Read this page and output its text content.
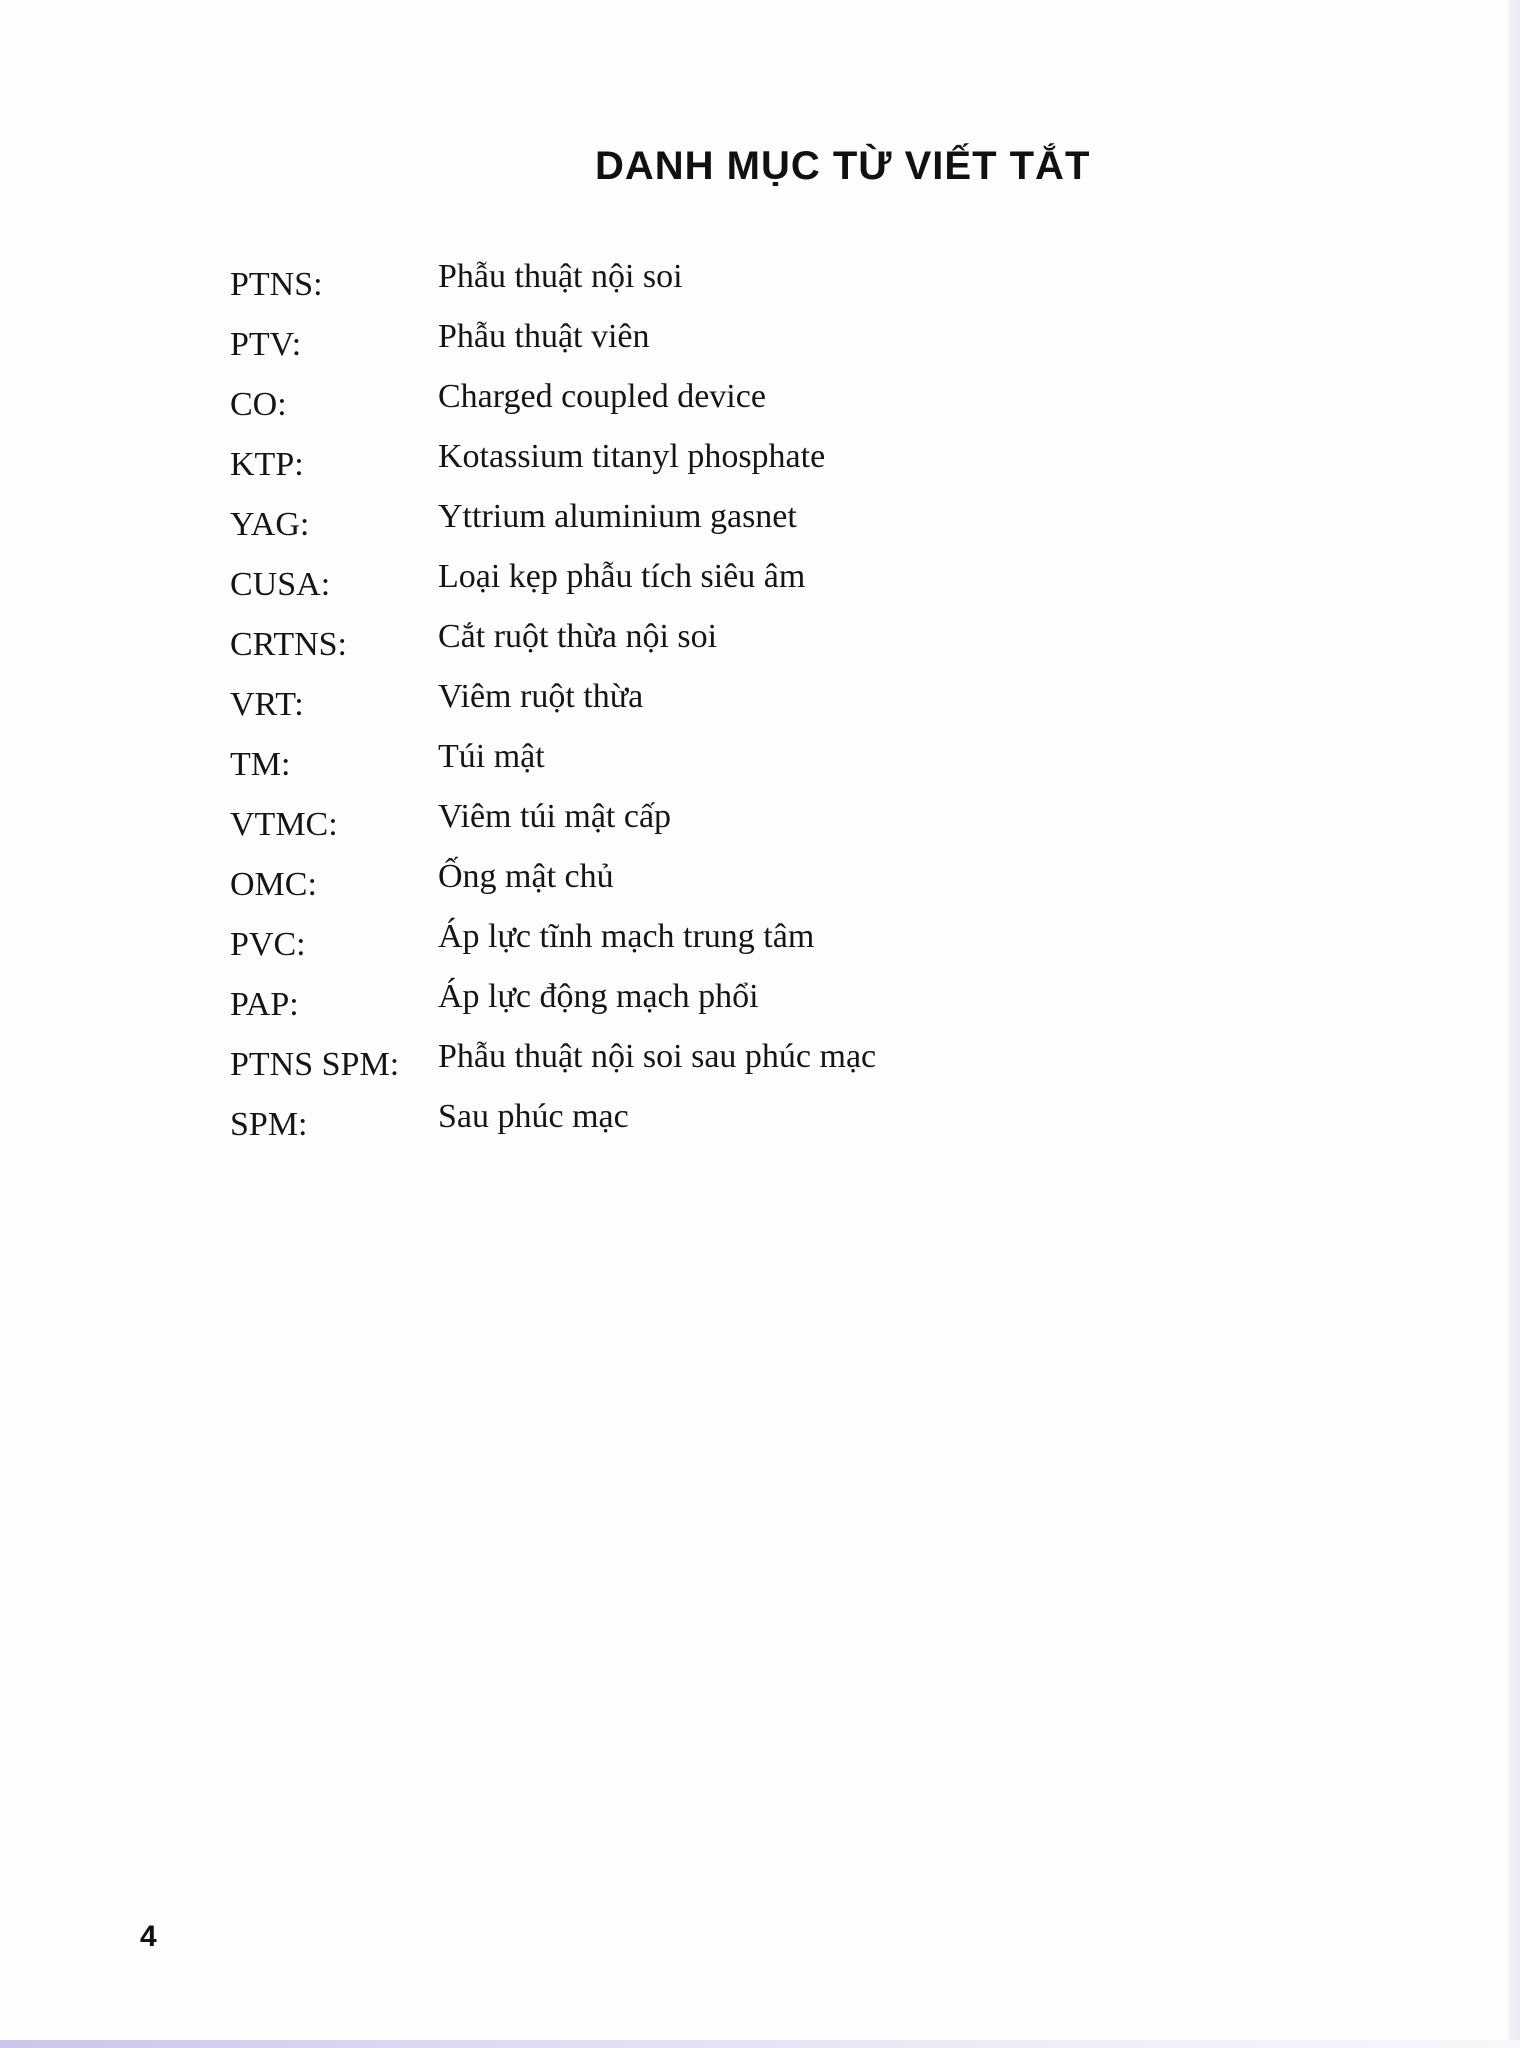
DANH MỤC TỪ VIẾT TẮT
PTNS:	Phẫu thuật nội soi
PTV:	Phẫu thuật viên
CO:	Charged coupled device
KTP:	Kotassium titanyl phosphate
YAG:	Yttrium aluminium gasnet
CUSA:	Loại kẹp phẫu tích siêu âm
CRTNS:	Cắt ruột thừa nội soi
VRT:	Viêm ruột thừa
TM:	Túi mật
VTMC:	Viêm túi mật cấp
OMC:	Ống mật chủ
PVC:	Áp lực tĩnh mạch trung tâm
PAP:	Áp lực động mạch phổi
PTNS SPM: Phẫu thuật nội soi sau phúc mạc
SPM:	Sau phúc mạc
4
